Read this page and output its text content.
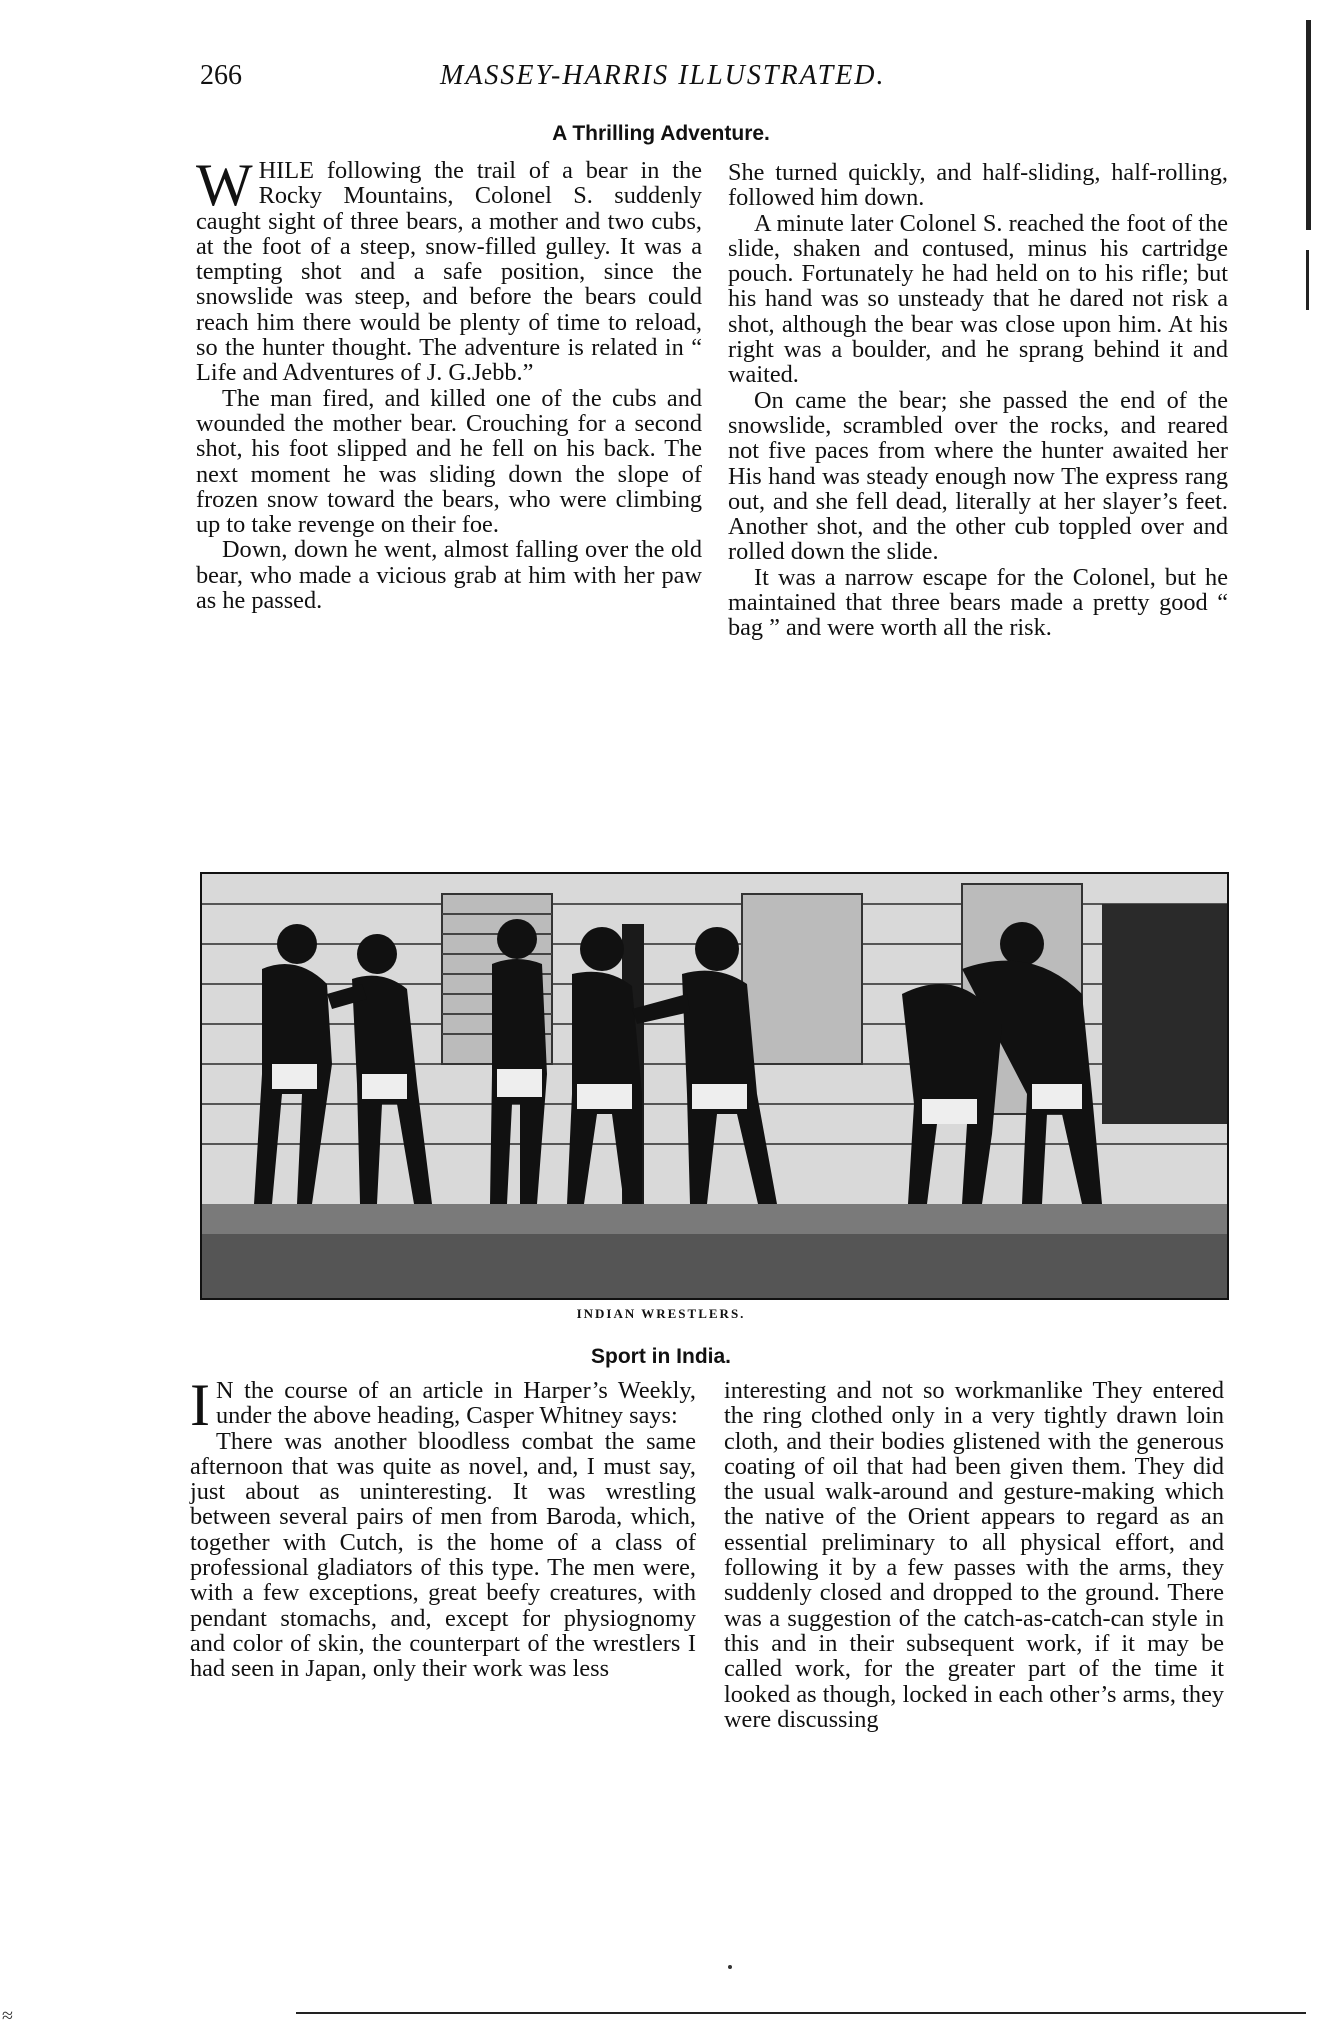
266	MASSEY-HARRIS ILLUSTRATED.
A Thrilling Adventure.

WHILE following the trail of a bear in the Rocky Mountains, Colonel S. suddenly caught sight of three bears, a mother and two cubs, at the foot of a steep, snow-filled gulley. It was a tempting shot and a safe position, since the snowslide was steep, and before the bears could reach him there would be plenty of time to reload, so the hunter thought. The adventure is related in “ Life and Adventures of J. G.Jebb.”

The man fired, and killed one of the cubs and wounded the mother bear. Crouching for a second shot, his foot slipped and he fell on his back. The next moment he was sliding down the slope of frozen snow toward the bears, who were climbing up to take revenge on their foe.

Down, down he went, almost falling over the old bear, who made a vicious grab at him with her paw as he passed.

She turned quickly, and half-sliding, half-rolling, followed him down.

A minute later Colonel S. reached the foot of the slide, shaken and contused, minus his cartridge pouch. Fortunately he had held on to his rifle; but his hand was so unsteady that he dared not risk a shot, although the bear was close upon him. At his right was a boulder, and he sprang behind it and waited.

On came the bear; she passed the end of the snowslide, scrambled over the rocks, and reared not five paces from where the hunter awaited her His hand was steady enough now The express rang out, and she fell dead, literally at her slayer’s feet. Another shot, and the other cub toppled over and rolled down the slide.

It was a narrow escape for the Colonel, but he maintained that three bears made a pretty good “ bag ” and were worth all the risk.

INDIAN WRESTLERS.
Sport in India.

I N the course of an article in Harper’s Weekly, under the above heading, Casper Whitney says:

There was another bloodless combat the same afternoon that was quite as novel, and, I must say, just about as uninteresting. It was wrestling between several pairs of men from Baroda, which, together with Cutch, is the home of a class of professional gladiators of this type. The men were, with a few exceptions, great beefy creatures, with pendant stomachs, and, except for physiognomy and color of skin, the counterpart of the wrestlers I had seen in Japan, only their work was less

interesting and not so workmanlike They entered the ring clothed only in a very tightly drawn loin cloth, and their bodies glistened with the generous coating of oil that had been given them. They did the usual walk-around and gesture-making which the native of the Orient appears to regard as an essential preliminary to all physical effort, and following it by a few passes with the arms, they suddenly closed and dropped to the ground. There was a suggestion of the catch-as-catch-can style in this and in their subsequent work, if it may be called work, for the greater part of the time it looked as though, locked in each other’s arms, they were discussing

≈
